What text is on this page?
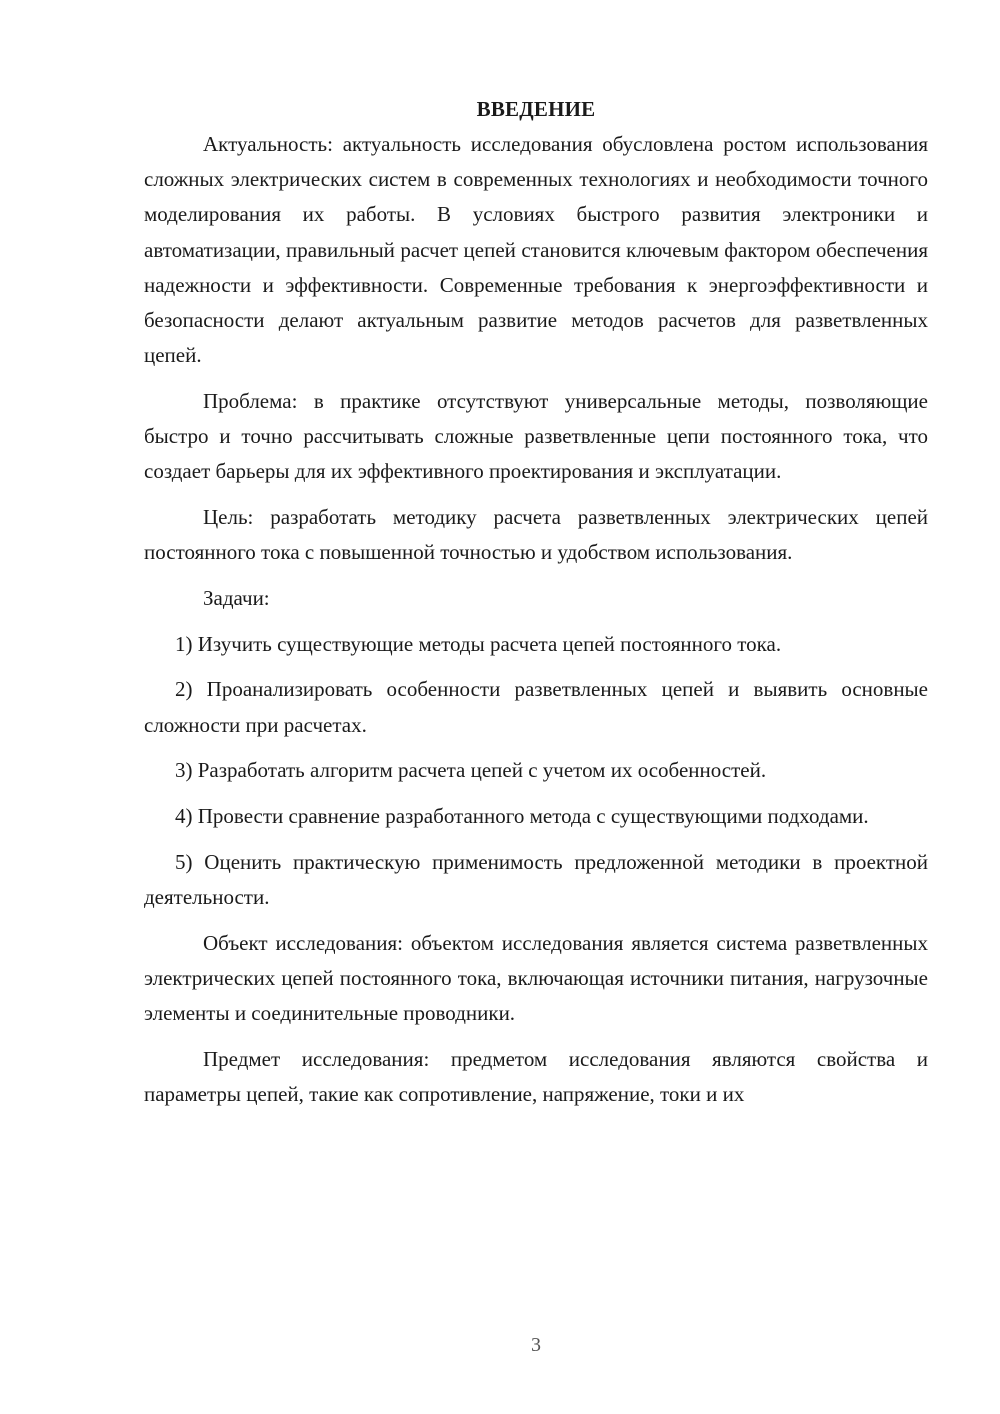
ВВЕДЕНИЕ

Актуальность: актуальность исследования обусловлена ростом использования сложных электрических систем в современных технологиях и необходимости точного моделирования их работы. В условиях быстрого развития электроники и автоматизации, правильный расчет цепей становится ключевым фактором обеспечения надежности и эффективности. Современные требования к энергоэффективности и безопасности делают актуальным развитие методов расчетов для разветвленных цепей.

Проблема: в практике отсутствуют универсальные методы, позволяющие быстро и точно рассчитывать сложные разветвленные цепи постоянного тока, что создает барьеры для их эффективного проектирования и эксплуатации.

Цель: разработать методику расчета разветвленных электрических цепей постоянного тока с повышенной точностью и удобством использования.

Задачи:

1) Изучить существующие методы расчета цепей постоянного тока.

2) Проанализировать особенности разветвленных цепей и выявить основные сложности при расчетах.

3) Разработать алгоритм расчета цепей с учетом их особенностей.

4) Провести сравнение разработанного метода с существующими подходами.

5) Оценить практическую применимость предложенной методики в проектной деятельности.

Объект исследования: объектом исследования является система разветвленных электрических цепей постоянного тока, включающая источники питания, нагрузочные элементы и соединительные проводники.

Предмет исследования: предметом исследования являются свойства и параметры цепей, такие как сопротивление, напряжение, токи и их

3
